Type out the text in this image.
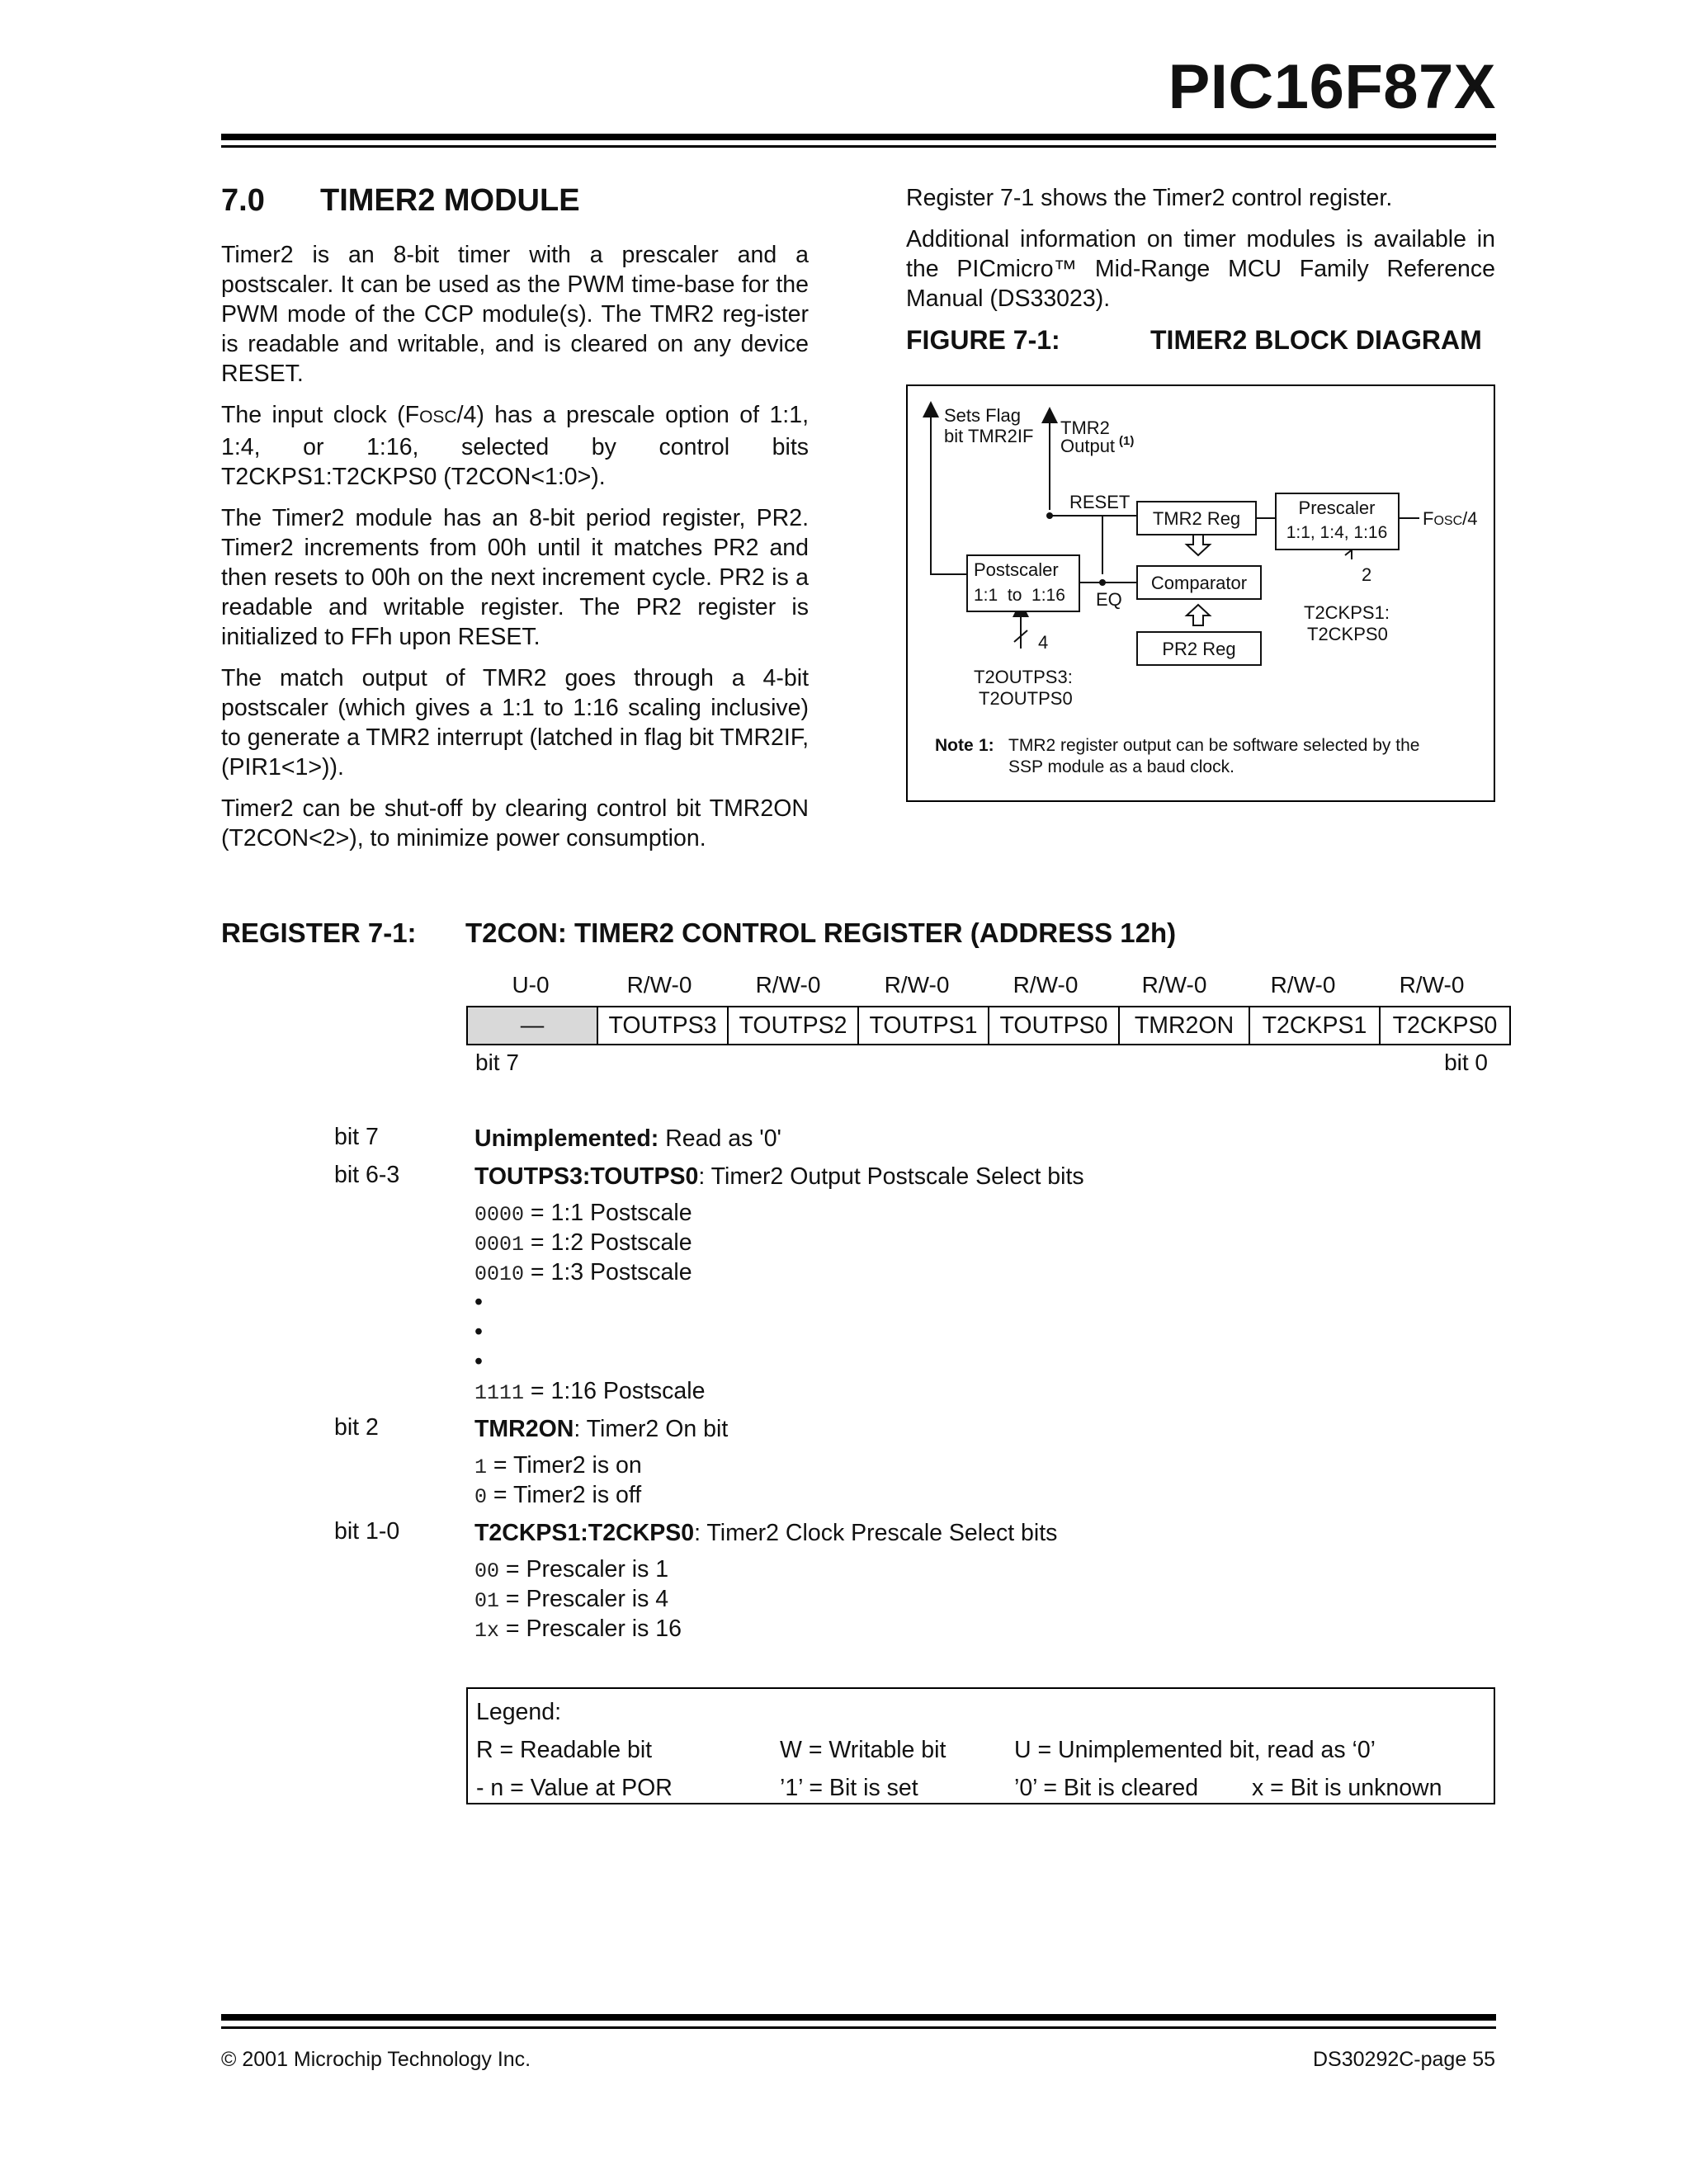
PIC16F87X
7.0 TIMER2 MODULE

Timer2 is an 8-bit timer with a prescaler and a postscaler. It can be used as the PWM time-base for the PWM mode of the CCP module(s). The TMR2 reg-ister is readable and writable, and is cleared on any device RESET.

The input clock (FOSC/4) has a prescale option of 1:1, 1:4, or 1:16, selected by control bits T2CKPS1:T2CKPS0 (T2CON<1:0>).

The Timer2 module has an 8-bit period register, PR2. Timer2 increments from 00h until it matches PR2 and then resets to 00h on the next increment cycle. PR2 is a readable and writable register. The PR2 register is initialized to FFh upon RESET.

The match output of TMR2 goes through a 4-bit postscaler (which gives a 1:1 to 1:16 scaling inclusive) to generate a TMR2 interrupt (latched in flag bit TMR2IF, (PIR1<1>)).

Timer2 can be shut-off by clearing control bit TMR2ON (T2CON<2>), to minimize power consumption.

Register 7-1 shows the Timer2 control register.

Additional information on timer modules is available in the PICmicro™ Mid-Range MCU Family Reference Manual (DS33023).

FIGURE 7-1:	TIMER2 BLOCK DIAGRAM
Sets Flag
bit TMR2IF TMR2
Output (1)
RESET
TMR2 Reg
Prescaler
1:1, 1:4, 1:16
FOSC/4
Postscaler
1:1  to  1:16 EQ
Comparator
PR2 Reg
4
2
T2OUTPS3:
T2OUTPS0
T2CKPS1:
T2CKPS0
Note 1: TMR2 register output can be software selected by the
SSP module as a baud clock.
REGISTER 7-1: T2CON: TIMER2 CONTROL REGISTER (ADDRESS 12h)
U-0	R/W-0	R/W-0	R/W-0	R/W-0	R/W-0	R/W-0	R/W-0
—	TOUTPS3	TOUTPS2	TOUTPS1	TOUTPS0	TMR2ON	T2CKPS1	T2CKPS0
bit 7	bit 0
bit 7	Unimplemented: Read as '0'
bit 6-3	TOUTPS3:TOUTPS0: Timer2 Output Postscale Select bits
0000 = 1:1 Postscale
0001 = 1:2 Postscale
0010 = 1:3 Postscale
•
•
•
1111 = 1:16 Postscale
bit 2	TMR2ON: Timer2 On bit
1 = Timer2 is on
0 = Timer2 is off
bit 1-0	T2CKPS1:T2CKPS0: Timer2 Clock Prescale Select bits
00 = Prescaler is 1
01 = Prescaler is 4
1x = Prescaler is 16
Legend:
R = Readable bit	W = Writable bit	U = Unimplemented bit, read as ‘0’
- n = Value at POR	’1’ = Bit is set	’0’ = Bit is cleared x = Bit is unknown
© 2001 Microchip Technology Inc.	DS30292C-page 55
